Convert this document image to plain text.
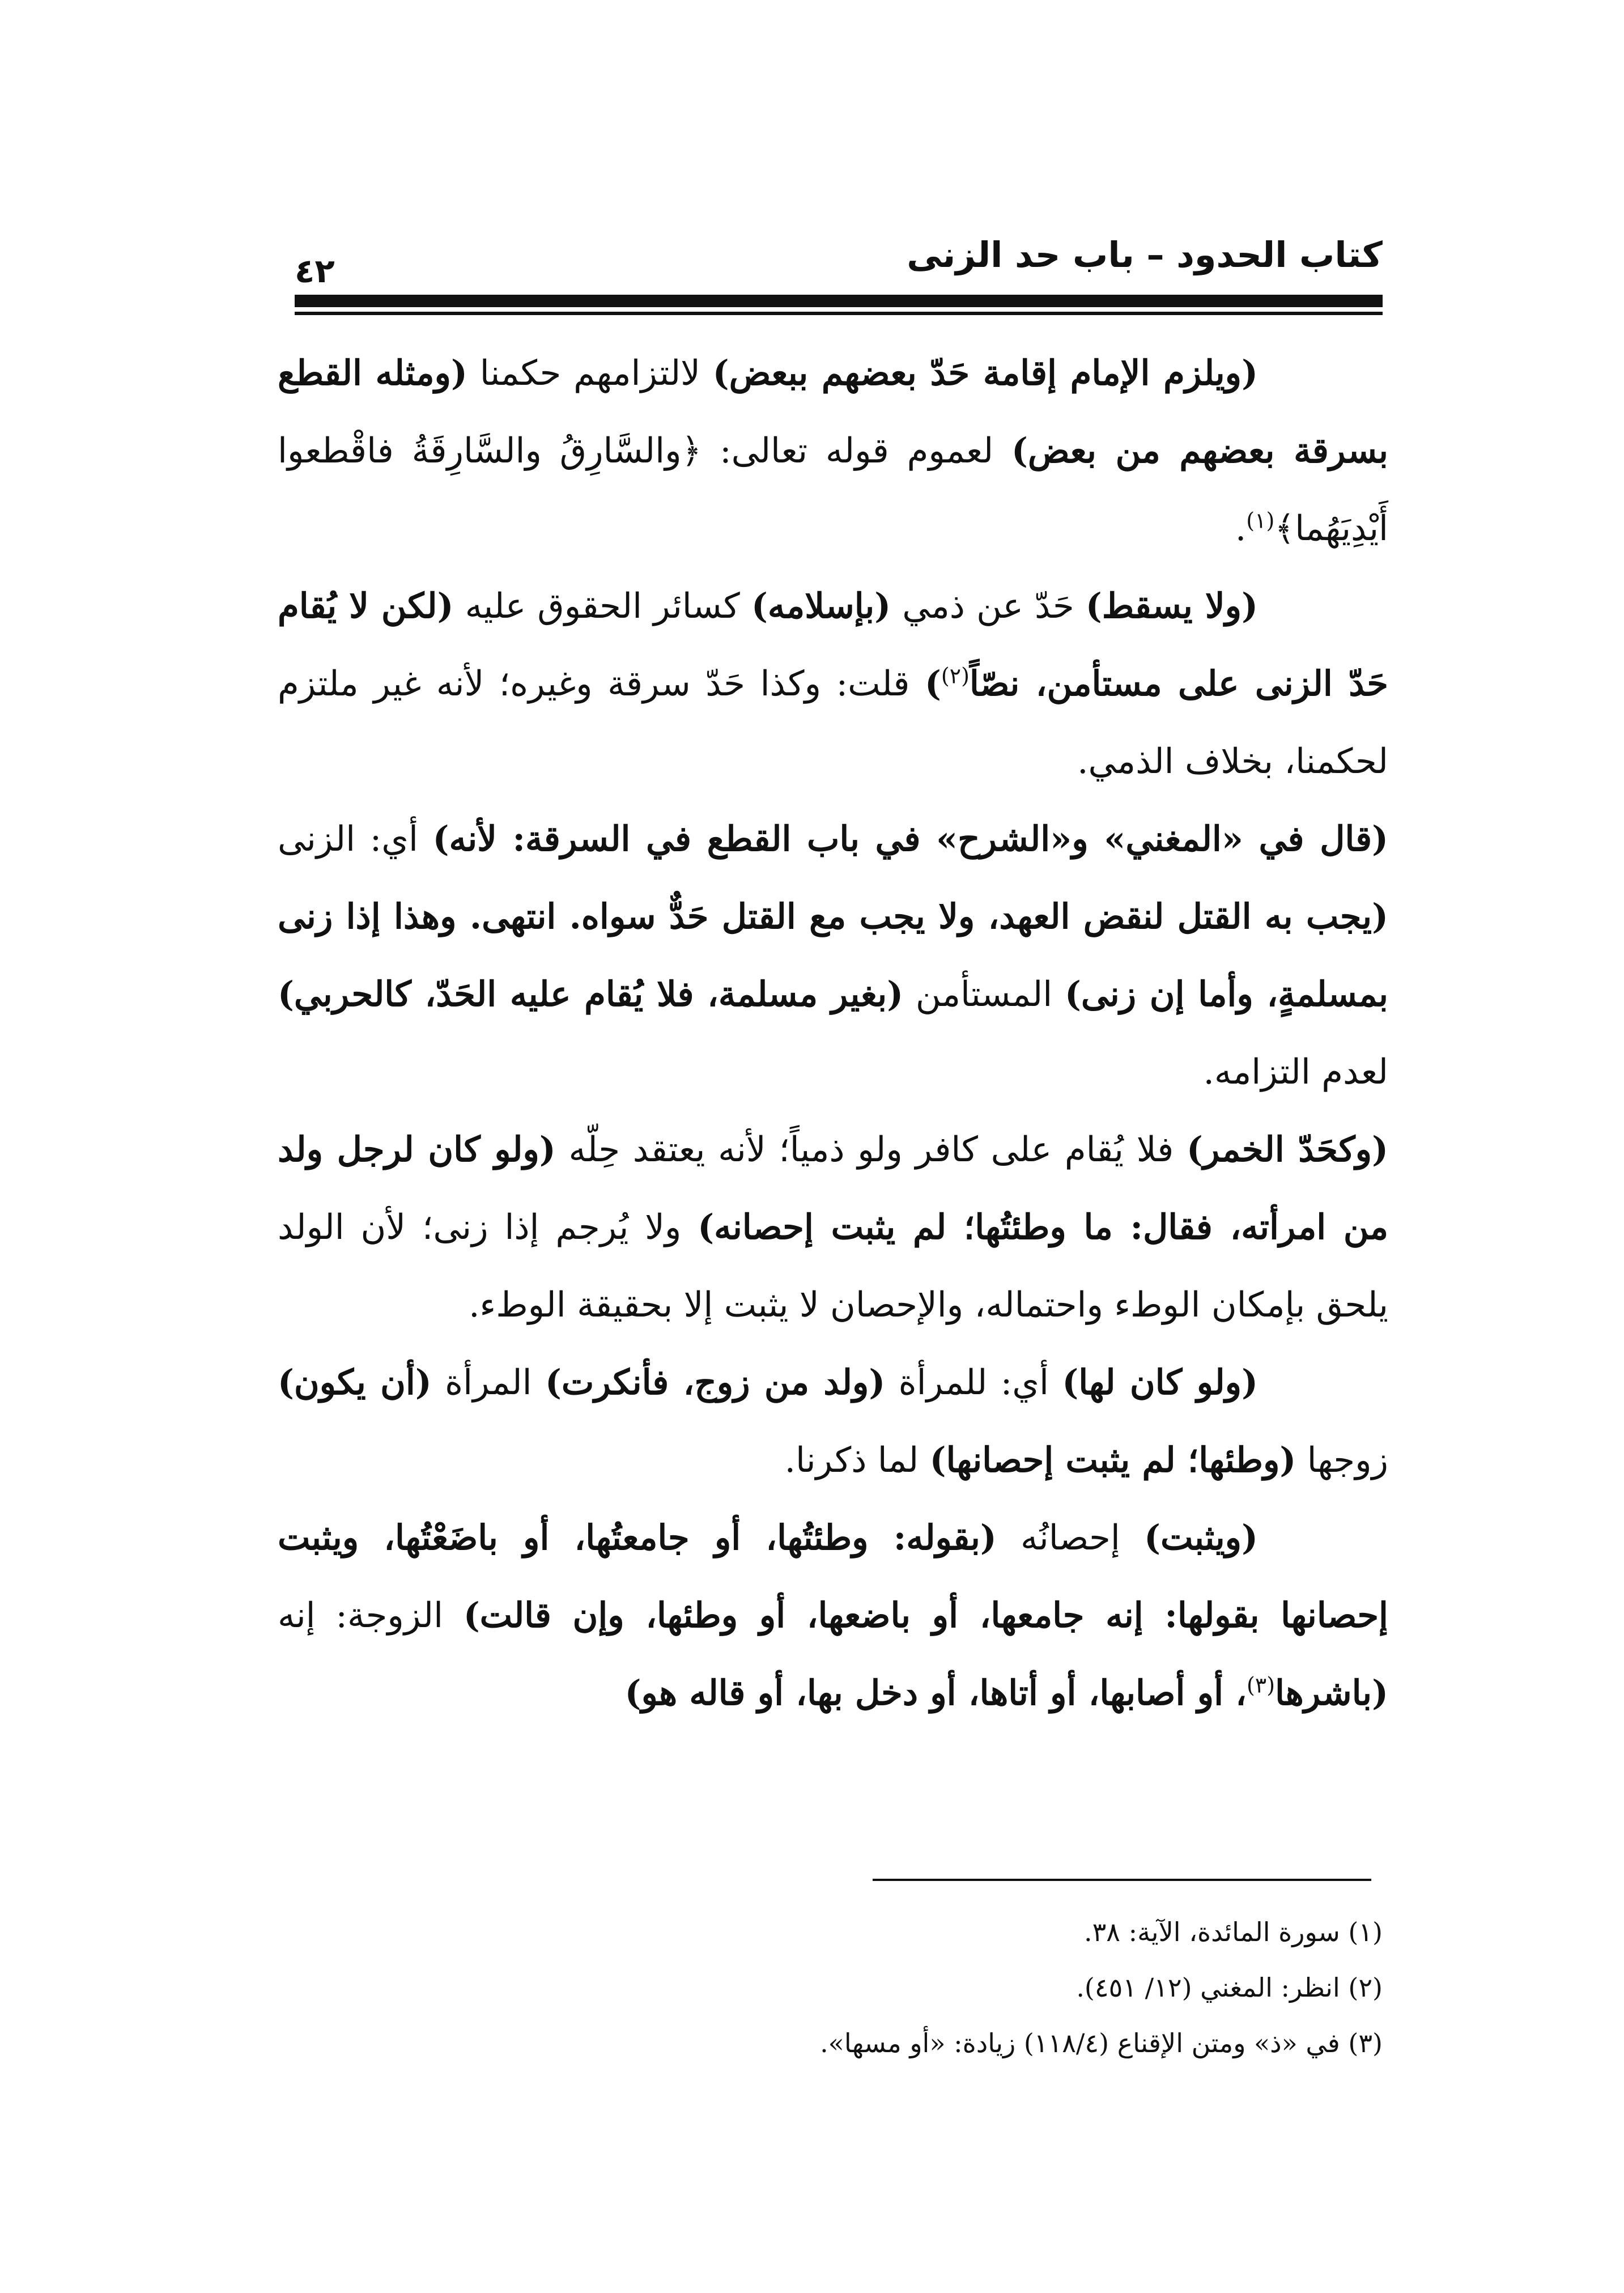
كتاب الحدود – باب حد الزنى
٤٢

(ويلزم الإمام إقامة حَدّ بعضهم ببعض) لالتزامهم حكمنا (ومثله القطع بسرقة بعضهم من بعض) لعموم قوله تعالى: ﴿والسَّارِقُ والسَّارِقَةُ فاقْطعوا أَيْدِيَهُما﴾$^{(١)}$.

(ولا يسقط) حَدّ عن ذمي (بإسلامه) كسائر الحقوق عليه (لكن لا يُقام حَدّ الزنى على مستأمن، نصّاً$^{(٢)}$) قلت: وكذا حَدّ سرقة وغيره؛ لأنه غير ملتزم لحكمنا، بخلاف الذمي.

(قال في «المغني» و«الشرح» في باب القطع في السرقة: لأنه) أي: الزنى (يجب به القتل لنقض العهد، ولا يجب مع القتل حَدٌّ سواه. انتهى. وهذا إذا زنى بمسلمةٍ، وأما إن زنى) المستأمن (بغير مسلمة، فلا يُقام عليه الحَدّ، كالحربي) لعدم التزامه.

(وكحَدّ الخمر) فلا يُقام على كافر ولو ذمياً؛ لأنه يعتقد حِلّه (ولو كان لرجل ولد من امرأته، فقال: ما وطئتُها؛ لم يثبت إحصانه) ولا يُرجم إذا زنى؛ لأن الولد يلحق بإمكان الوطء واحتماله، والإحصان لا يثبت إلا بحقيقة الوطء.

(ولو كان لها) أي: للمرأة (ولد من زوج، فأنكرت) المرأة (أن يكون) زوجها (وطئها؛ لم يثبت إحصانها) لما ذكرنا.

(ويثبت) إحصانُه (بقوله: وطئتُها، أو جامعتُها، أو باضَعْتُها، ويثبت إحصانها بقولها: إنه جامعها، أو باضعها، أو وطئها، وإن قالت) الزوجة: إنه (باشرها$^{(٣)}$، أو أصابها، أو أتاها، أو دخل بها، أو قاله هو)

(١) سورة المائدة، الآية: ٣٨.

(٢) انظر: المغني (١٢/ ٤٥١).

(٣) في «ذ» ومتن الإقناع (١١٨/٤) زيادة: «أو مسها».
